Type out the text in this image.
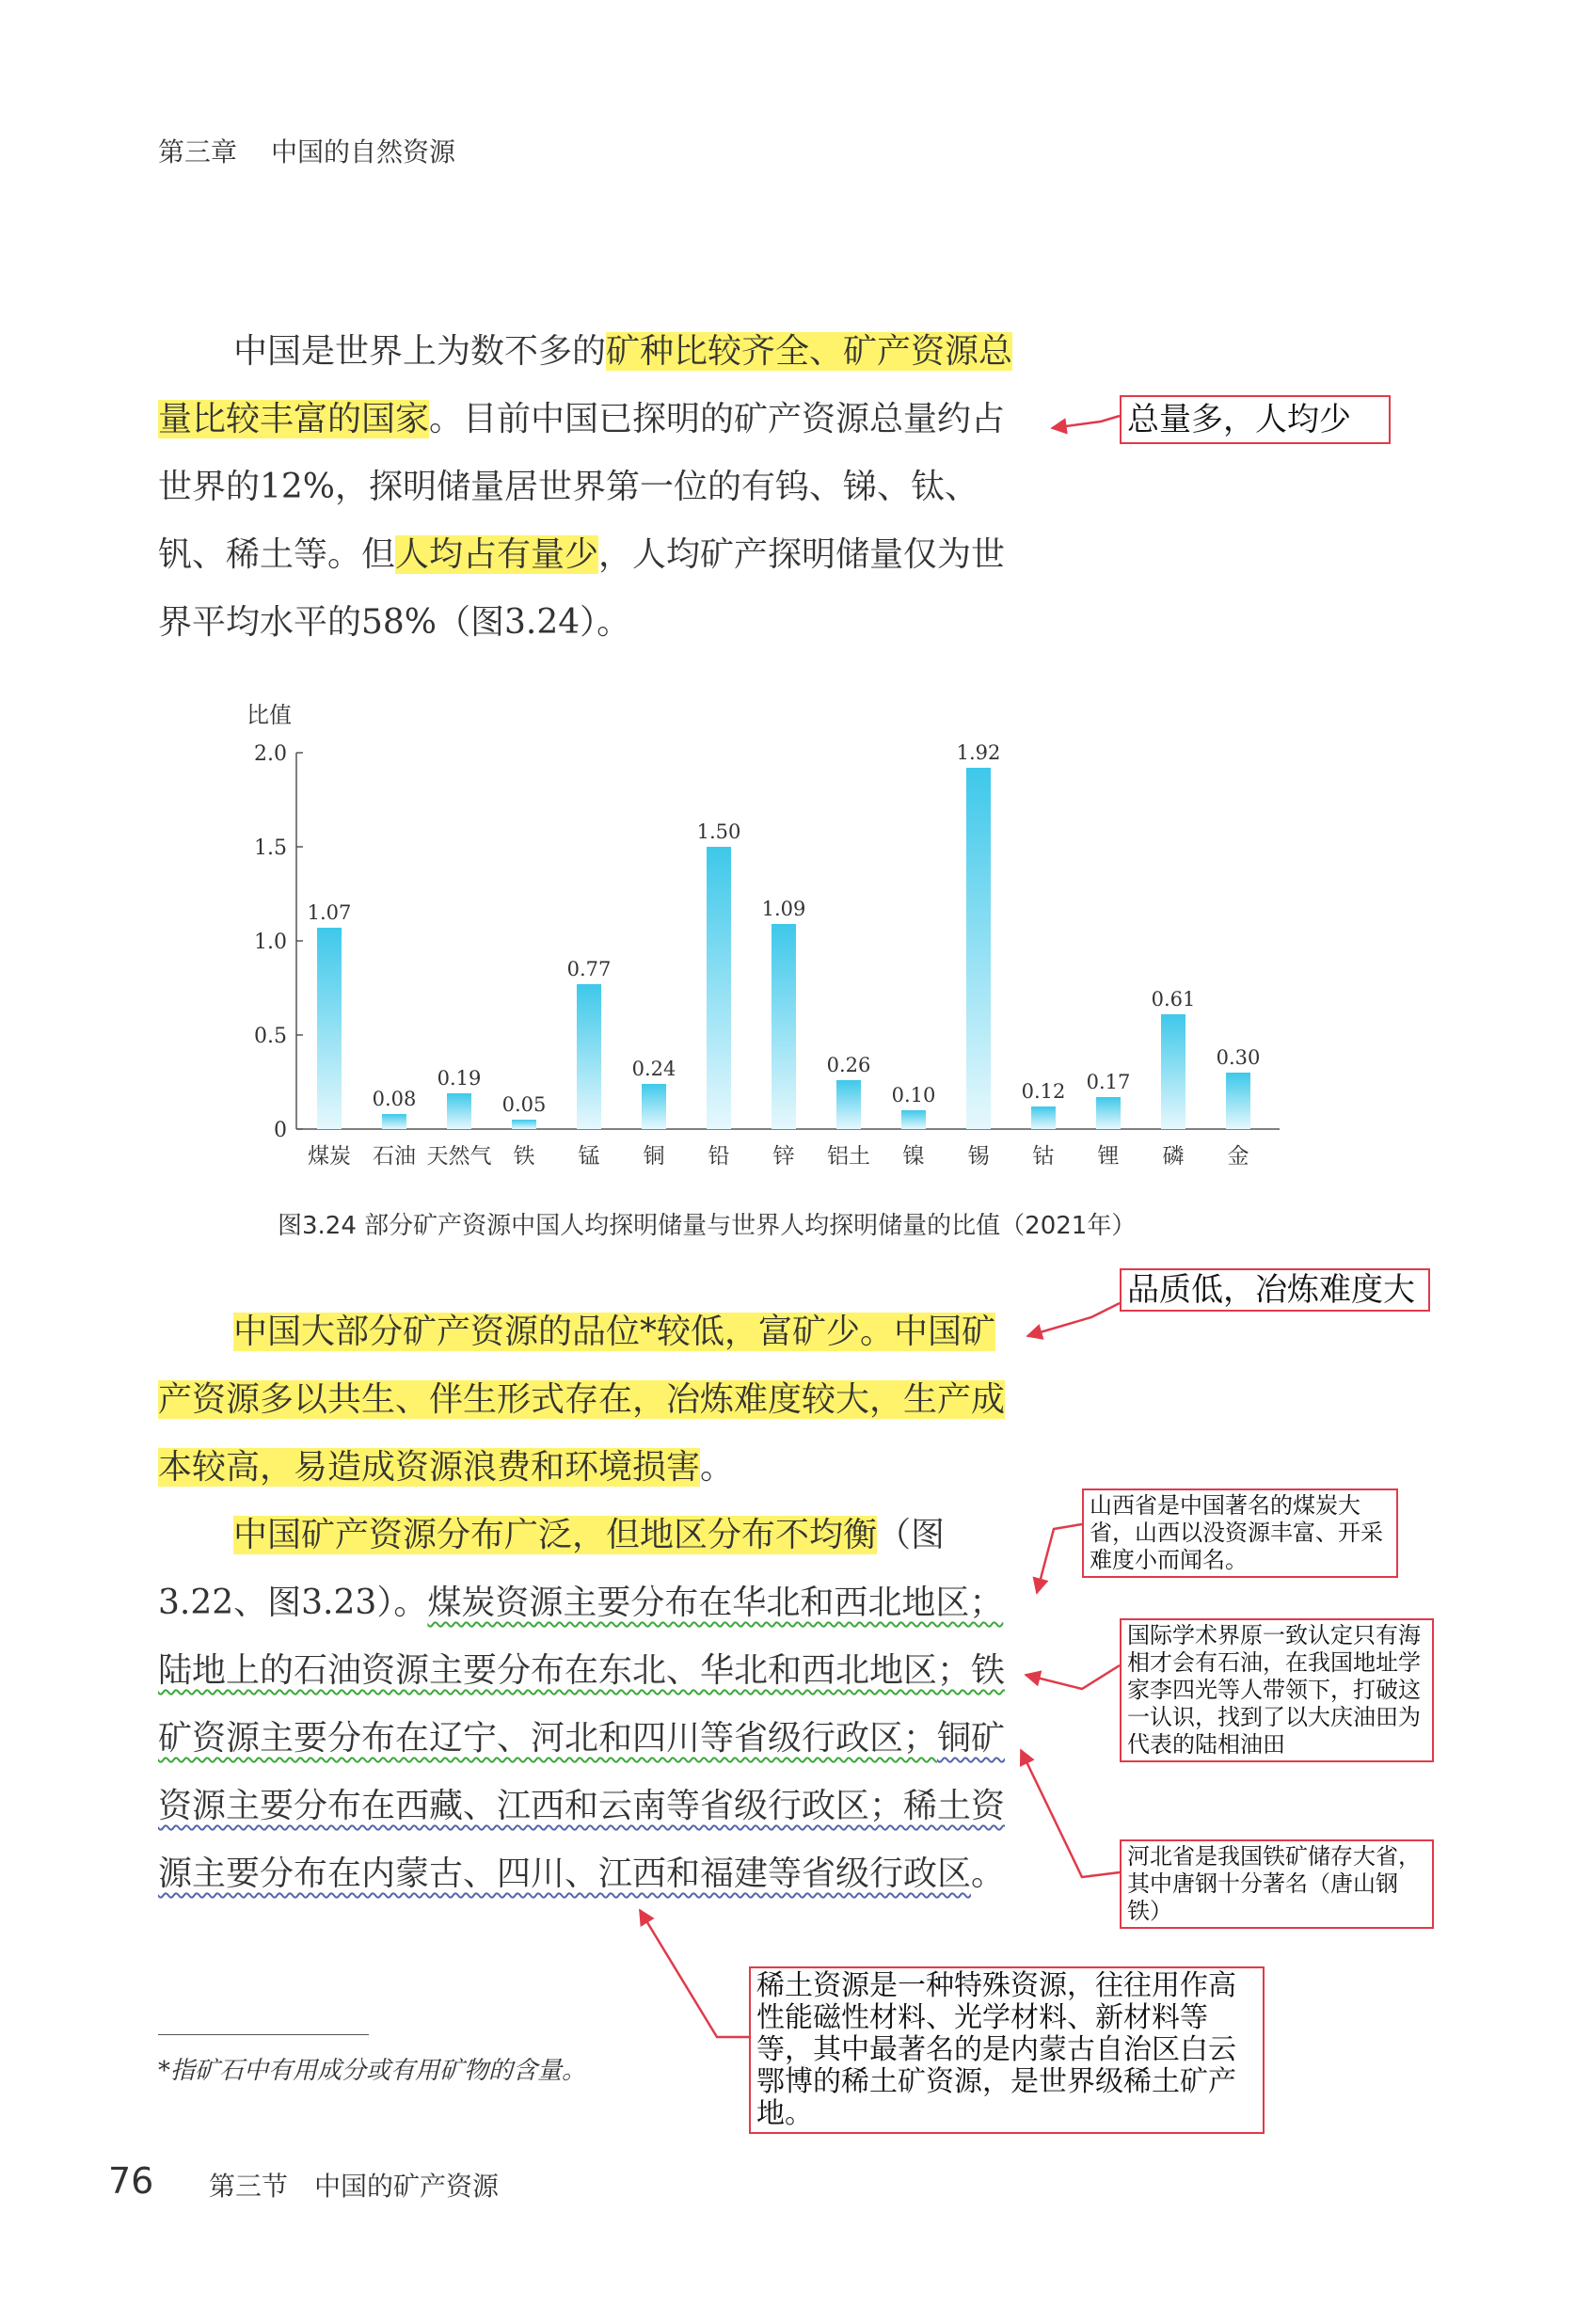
第三章 中国的自然资源
中国是世界上为数不多的矿种比较齐全、矿产资源总量比较丰富的国家。目前中国已探明的矿产资源总量约占世界的12%，探明储量居世界第一位的有钨、锑、钛、钒、稀土等。但人均占有量少，人均矿产探明储量仅为世界平均水平的58%（图3.24）。
比值
0
0.5
1.0
1.5
2.0
1.07
煤炭
0.08
石油
0.19
天然气
0.05
铁
0.77
锰
0.24
铜
1.50
铅
1.09
锌
0.26
铝土
0.10
镍
1.92
锡
0.12
钴
0.17
锂
0.61
磷
0.30
金
图3.24 部分矿产资源中国人均探明储量与世界人均探明储量的比值（2021年）
中国大部分矿产资源的品位*较低，富矿少。中国矿产资源多以共生、伴生形式存在，冶炼难度较大，生产成本较高，易造成资源浪费和环境损害。
中国矿产资源分布广泛，但地区分布不均衡（图3.22、图3.23）。煤炭资源主要分布在华北和西北地区；陆地上的石油资源主要分布在东北、华北和西北地区；铁矿资源主要分布在辽宁、河北和四川等省级行政区；铜矿资源主要分布在西藏、江西和云南等省级行政区；稀土资源主要分布在内蒙古、四川、江西和福建等省级行政区。
*指矿石中有用成分或有用矿物的含量。
76 第三节 中国的矿产资源
总量多，人均少
品质低，冶炼难度大
山西省是中国著名的煤炭大省，山西以没资源丰富、开采难度小而闻名。
国际学术界原一致认定只有海相才会有石油，在我国地址学家李四光等人带领下，打破这一认识，找到了以大庆油田为代表的陆相油田
河北省是我国铁矿储存大省，其中唐钢十分著名（唐山钢铁）
稀土资源是一种特殊资源，往往用作高性能磁性材料、光学材料、新材料等等，其中最著名的是内蒙古自治区白云鄂博的稀土矿资源，是世界级稀土矿产地。
